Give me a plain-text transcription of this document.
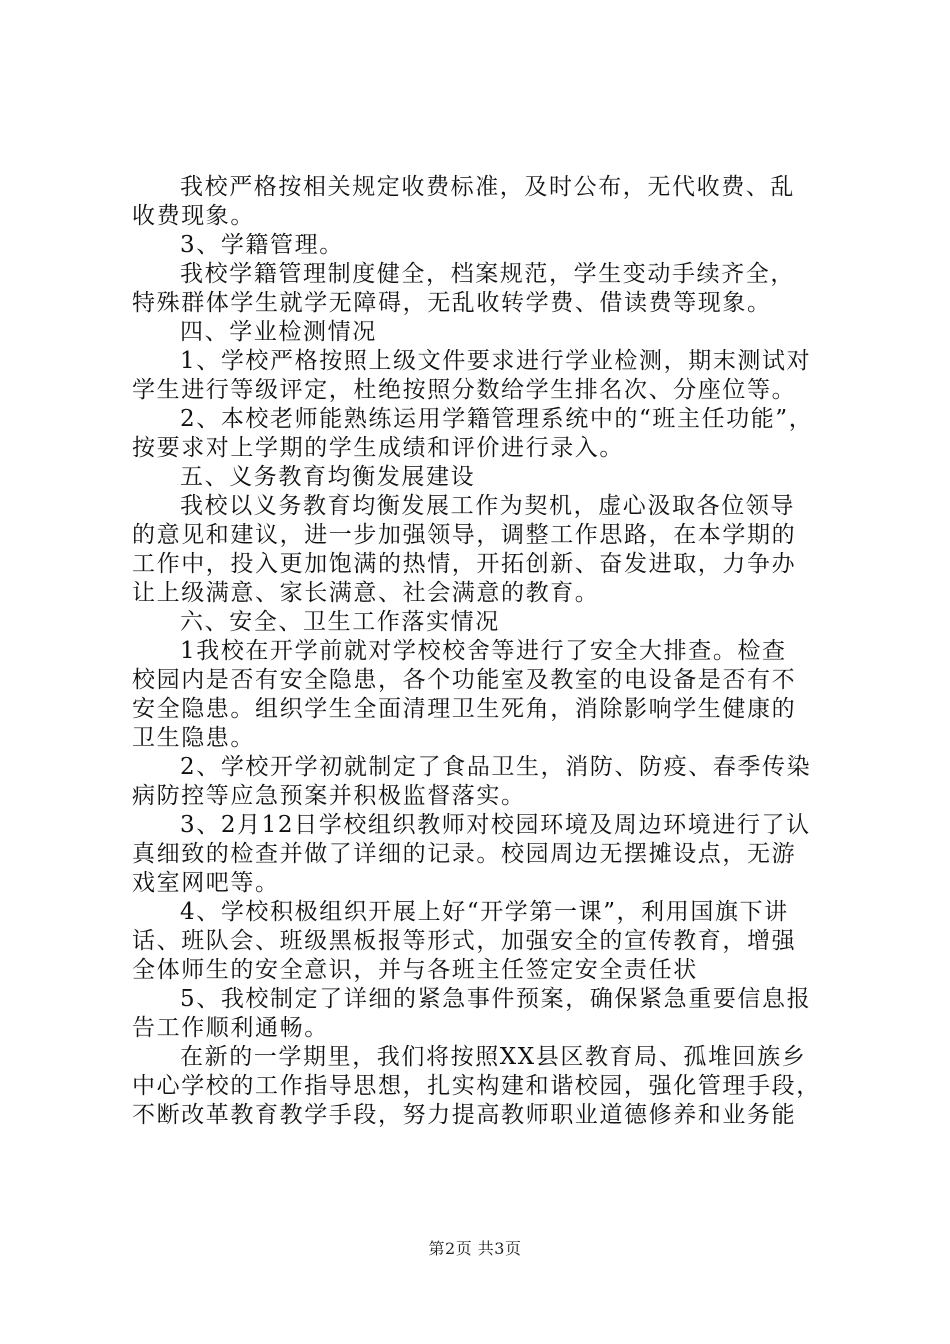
我校严格按相关规定收费标准，及时公布，无代收费、乱
收费现象。
3、学籍管理。
我校学籍管理制度健全，档案规范，学生变动手续齐全，
特殊群体学生就学无障碍，无乱收转学费、借读费等现象。
四、学业检测情况
1、学校严格按照上级文件要求进行学业检测，期末测试对
学生进行等级评定，杜绝按照分数给学生排名次、分座位等。
2、本校老师能熟练运用学籍管理系统中的“班主任功能”，
按要求对上学期的学生成绩和评价进行录入。
五、义务教育均衡发展建设
我校以义务教育均衡发展工作为契机，虚心汲取各位领导
的意见和建议，进一步加强领导，调整工作思路，在本学期的
工作中，投入更加饱满的热情，开拓创新、奋发进取，力争办
让上级满意、家长满意、社会满意的教育。
六、安全、卫生工作落实情况
1我校在开学前就对学校校舍等进行了安全大排查。检查
校园内是否有安全隐患，各个功能室及教室的电设备是否有不
安全隐患。组织学生全面清理卫生死角，消除影响学生健康的
卫生隐患。
2、学校开学初就制定了食品卫生，消防、防疫、春季传染
病防控等应急预案并积极监督落实。
3、2月12日学校组织教师对校园环境及周边环境进行了认
真细致的检查并做了详细的记录。校园周边无摆摊设点，无游
戏室网吧等。
4、学校积极组织开展上好“开学第一课”，利用国旗下讲
话、班队会、班级黑板报等形式，加强安全的宣传教育，增强
全体师生的安全意识，并与各班主任签定安全责任状
5、我校制定了详细的紧急事件预案，确保紧急重要信息报
告工作顺利通畅。
在新的一学期里，我们将按照XX县区教育局、孤堆回族乡
中心学校的工作指导思想，扎实构建和谐校园，强化管理手段，
不断改革教育教学手段，努力提高教师职业道德修养和业务能
第2页 共3页
